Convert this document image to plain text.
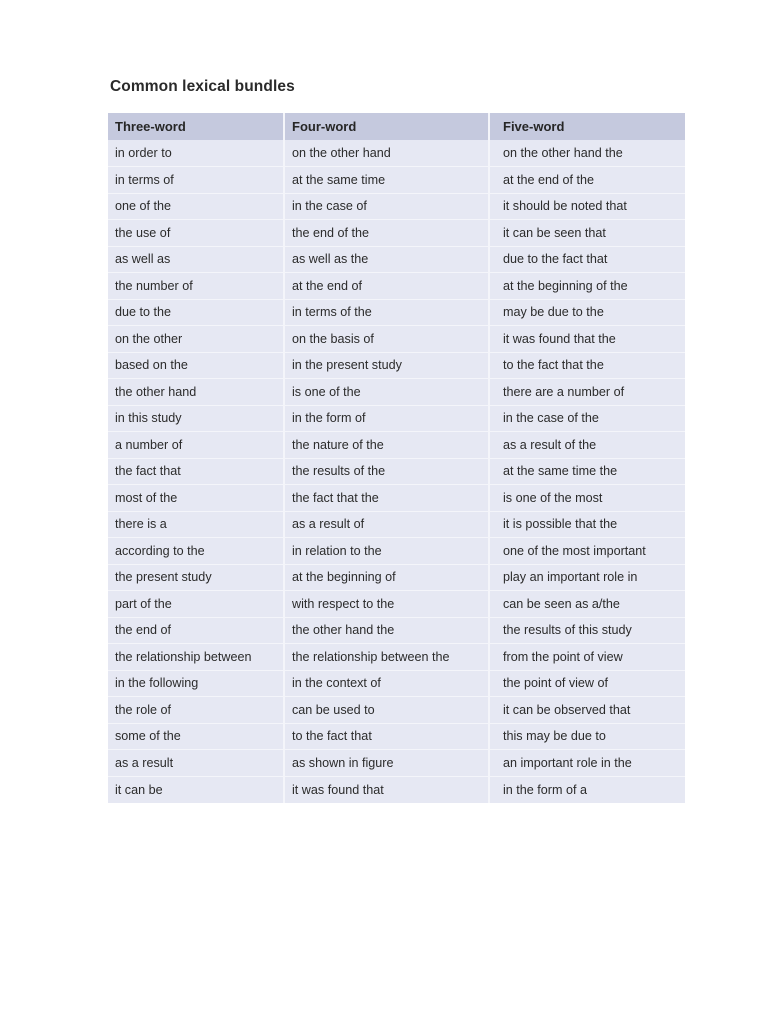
Common lexical bundles
Three-word	Four-word	Five-word
in order to	on the other hand	on the other hand the
in terms of	at the same time	at the end of the
one of the	in the case of	it should be noted that
the use of	the end of the	it can be seen that
as well as	as well as the	due to the fact that
the number of	at the end of	at the beginning of the
due to the	in terms of the	may be due to the
on the other	on the basis of	it was found that the
based on the	in the present study	to the fact that the
the other hand	is one of the	there are a number of
in this study	in the form of	in the case of the
a number of	the nature of the	as a result of the
the fact that	the results of the	at the same time the
most of the	the fact that the	is one of the most
there is a	as a result of	it is possible that the
according to the	in relation to the	one of the most important
the present study	at the beginning of	play an important role in
part of the	with respect to the	can be seen as a/the
the end of	the other hand the	the results of this study
the relationship between	the relationship between the	from the point of view
in the following	in the context of	the point of view of
the role of	can be used to	it can be observed that
some of the	to the fact that	this may be due to
as a result	as shown in figure	an important role in the
it can be	it was found that	in the form of a
